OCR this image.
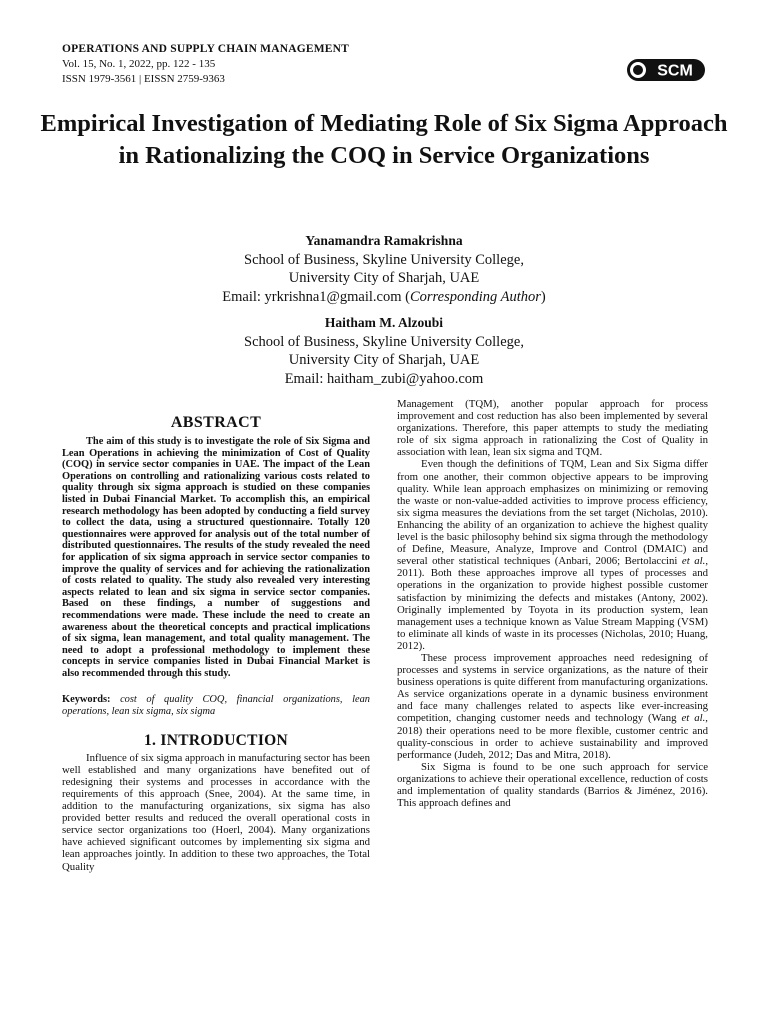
OPERATIONS AND SUPPLY CHAIN MANAGEMENT
Vol. 15, No. 1, 2022, pp. 122 - 135
ISSN 1979-3561 | EISSN 2759-9363	SCM
Empirical Investigation of Mediating Role of Six Sigma Approach in Rationalizing the COQ in Service Organizations
Yanamandra Ramakrishna
School of Business, Skyline University College,
University City of Sharjah, UAE
Email: yrkrishna1@gmail.com (Corresponding Author)
Haitham M. Alzoubi
School of Business, Skyline University College,
University City of Sharjah, UAE
Email: haitham_zubi@yahoo.com
ABSTRACT

The aim of this study is to investigate the role of Six Sigma and Lean Operations in achieving the minimization of Cost of Quality (COQ) in service sector companies in UAE. The impact of the Lean Operations on controlling and rationalizing various costs related to quality through six sigma approach is studied on these companies listed in Dubai Financial Market. To accomplish this, an empirical research methodology has been adopted by conducting a field survey to collect the data, using a structured questionnaire. Totally 120 questionnaires were approved for analysis out of the total number of distributed questionnaires. The results of the study revealed the need for application of six sigma approach in service sector companies to improve the quality of services and for achieving the rationalization of costs related to quality. The study also revealed very interesting aspects related to lean and six sigma in service sector companies. Based on these findings, a number of suggestions and recommendations were made. These include the need to create an awareness about the theoretical concepts and practical implications of six sigma, lean management, and total quality management. The need to adopt a professional methodology to implement these concepts in service companies listed in Dubai Financial Market is also recommended through this study.

Keywords: cost of quality COQ, financial organizations, lean operations, lean six sigma, six sigma

1. INTRODUCTION

Influence of six sigma approach in manufacturing sector has been well established and many organizations have benefited out of redesigning their systems and processes in accordance with the requirements of this approach (Snee, 2004). At the same time, in addition to the manufacturing organizations, six sigma has also provided better results and reduced the overall operational costs in service sector organizations too (Hoerl, 2004). Many organizations have achieved significant outcomes by implementing six sigma and lean approaches jointly. In addition to these two approaches, the Total Quality

Management (TQM), another popular approach for process improvement and cost reduction has also been implemented by several organizations. Therefore, this paper attempts to study the mediating role of six sigma approach in rationalizing the Cost of Quality in association with lean, lean six sigma and TQM.

Even though the definitions of TQM, Lean and Six Sigma differ from one another, their common objective appears to be improving quality. While lean approach emphasizes on minimizing or removing the waste or non-value-added activities to improve process efficiency, six sigma measures the deviations from the set target (Nicholas, 2010). Enhancing the ability of an organization to achieve the highest quality level is the basic philosophy behind six sigma through the methodology of Define, Measure, Analyze, Improve and Control (DMAIC) and several other statistical techniques (Anbari, 2006; Bertolaccini et al., 2011). Both these approaches improve all types of processes and operations in the organization to provide highest possible customer satisfaction by minimizing the defects and mistakes (Antony, 2002). Originally implemented by Toyota in its production system, lean management uses a technique known as Value Stream Mapping (VSM) to eliminate all kinds of waste in its processes (Nicholas, 2010; Huang, 2012).

These process improvement approaches need redesigning of processes and systems in service organizations, as the nature of their business operations is quite different from manufacturing organizations. As service organizations operate in a dynamic business environment and face many challenges related to aspects like ever-increasing competition, changing customer needs and technology (Wang et al., 2018) their operations need to be more flexible, customer centric and quality-conscious in order to achieve sustainability and improved performance (Judeh, 2012; Das and Mitra, 2018).

Six Sigma is found to be one such approach for service organizations to achieve their operational excellence, reduction of costs and implementation of quality standards (Barrios & Jiménez, 2016). This approach defines and
